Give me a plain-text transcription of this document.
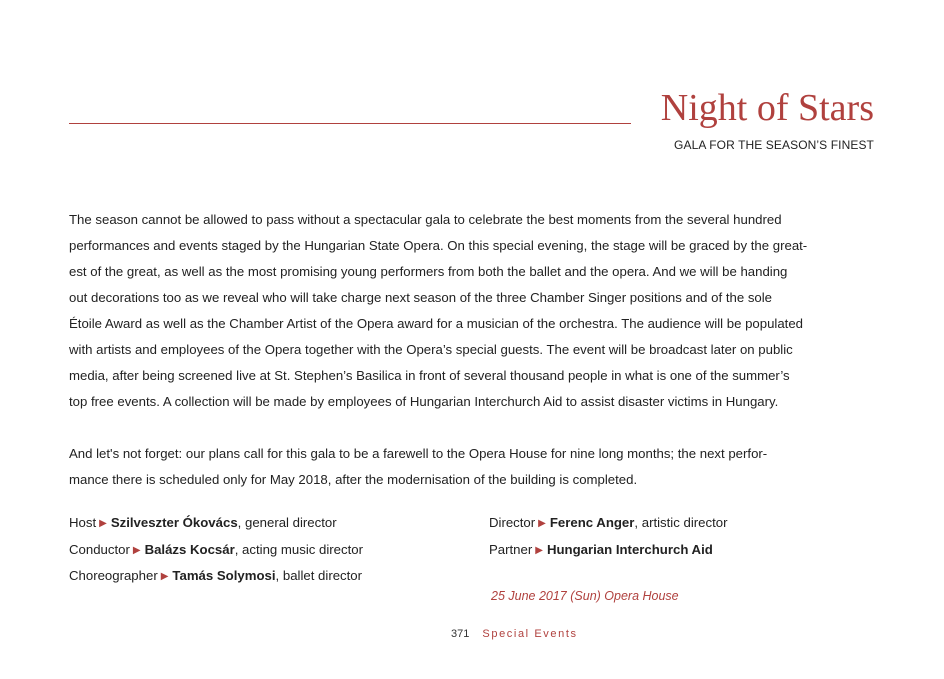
Night of Stars
GALA FOR THE SEASON’S FINEST
The season cannot be allowed to pass without a spectacular gala to celebrate the best moments from the several hundred
performances and events staged by the Hungarian State Opera. On this special evening, the stage will be graced by the great-
est of the great, as well as the most promising young performers from both the ballet and the opera. And we will be handing
out decorations too as we reveal who will take charge next season of the three Chamber Singer positions and of the sole
Étoile Award as well as the Chamber Artist of the Opera award for a musician of the orchestra. The audience will be populated
with artists and employees of the Opera together with the Opera’s special guests. The event will be broadcast later on public
media, after being screened live at St. Stephen’s Basilica in front of several thousand people in what is one of the summer’s
top free events. A collection will be made by employees of Hungarian Interchurch Aid to assist disaster victims in Hungary.
And let's not forget: our plans call for this gala to be a farewell to the Opera House for nine long months; the next perfor-
mance there is scheduled only for May 2018, after the modernisation of the building is completed.
Host ▶ Szilveszter Ókovács, general director
Conductor ▶ Balázs Kocsár, acting music director
Choreographer ▶ Tamás Solymosi, ballet director
Director ▶ Ferenc Anger, artistic director
Partner ▶ Hungarian Interchurch Aid
25 June 2017 (Sun) Opera House
371 Special Events
